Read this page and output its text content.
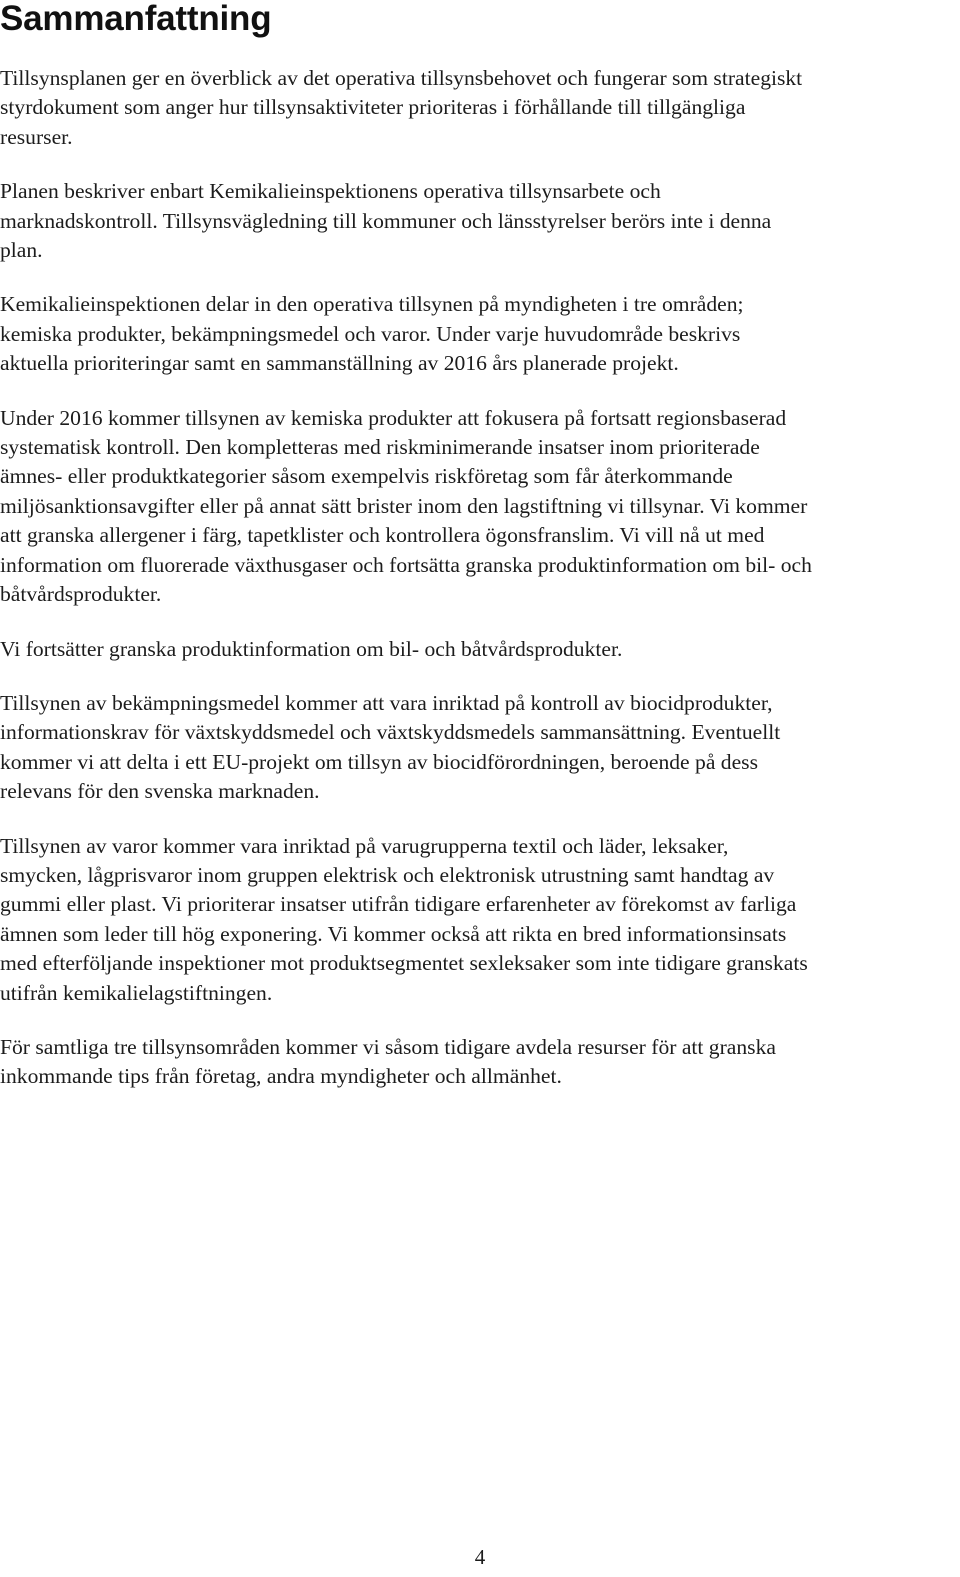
Sammanfattning

Tillsynsplanen ger en överblick av det operativa tillsynsbehovet och fungerar som strategiskt
styrdokument som anger hur tillsynsaktiviteter prioriteras i förhållande till tillgängliga
resurser.

Planen beskriver enbart Kemikalieinspektionens operativa tillsynsarbete och
marknadskontroll. Tillsynsvägledning till kommuner och länsstyrelser berörs inte i denna
plan.

Kemikalieinspektionen delar in den operativa tillsynen på myndigheten i tre områden;
kemiska produkter, bekämpningsmedel och varor. Under varje huvudområde beskrivs
aktuella prioriteringar samt en sammanställning av 2016 års planerade projekt.

Under 2016 kommer tillsynen av kemiska produkter att fokusera på fortsatt regionsbaserad
systematisk kontroll. Den kompletteras med riskminimerande insatser inom prioriterade
ämnes- eller produktkategorier såsom exempelvis riskföretag som får återkommande
miljösanktionsavgifter eller på annat sätt brister inom den lagstiftning vi tillsynar. Vi kommer
att granska allergener i färg, tapetklister och kontrollera ögonsfranslim. Vi vill nå ut med
information om fluorerade växthusgaser och fortsätta granska produktinformation om bil- och
båtvårdsprodukter.

Vi fortsätter granska produktinformation om bil- och båtvårdsprodukter.

Tillsynen av bekämpningsmedel kommer att vara inriktad på kontroll av biocidprodukter,
informationskrav för växtskyddsmedel och växtskyddsmedels sammansättning. Eventuellt
kommer vi att delta i ett EU-projekt om tillsyn av biocidförordningen, beroende på dess
relevans för den svenska marknaden.

Tillsynen av varor kommer vara inriktad på varugrupperna textil och läder, leksaker,
smycken, lågprisvaror inom gruppen elektrisk och elektronisk utrustning samt handtag av
gummi eller plast. Vi prioriterar insatser utifrån tidigare erfarenheter av förekomst av farliga
ämnen som leder till hög exponering. Vi kommer också att rikta en bred informationsinsats
med efterföljande inspektioner mot produktsegmentet sexleksaker som inte tidigare granskats
utifrån kemikalielagstiftningen.

För samtliga tre tillsynsområden kommer vi såsom tidigare avdela resurser för att granska
inkommande tips från företag, andra myndigheter och allmänhet.

4
